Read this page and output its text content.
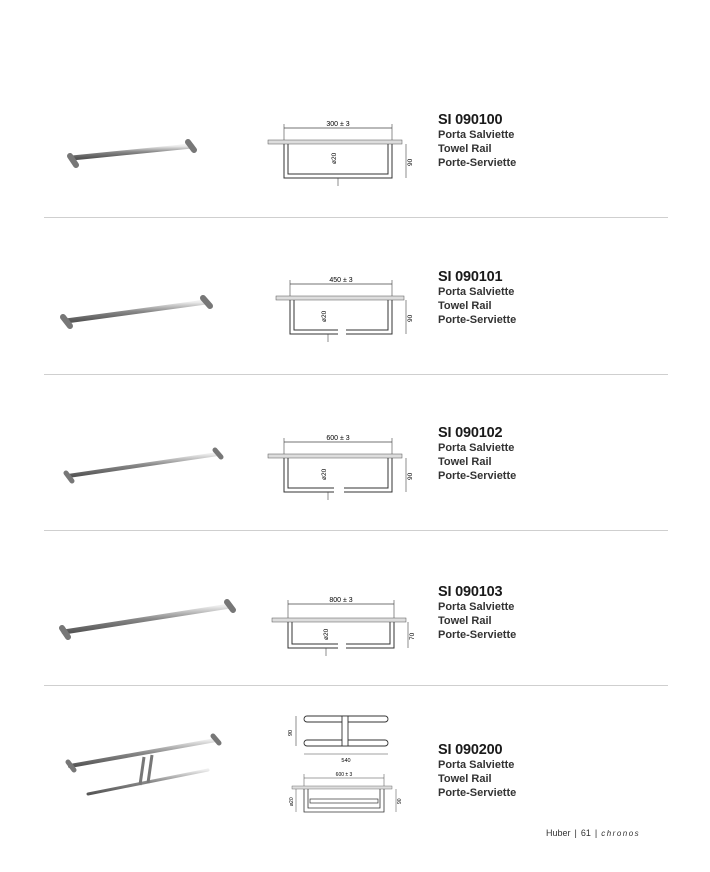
300 ± 3
ø20	90
SI 090100
Porta Salviette
Towel Rail
Porte-Serviette
450 ± 3
ø20	90
SI 090101
Porta Salviette
Towel Rail
Porte-Serviette
600 ± 3
ø20	90
SI 090102
Porta Salviette
Towel Rail
Porte-Serviette
800 ± 3
ø20	70
SI 090103
Porta Salviette
Towel Rail
Porte-Serviette
90
540
600 ± 3
ø20	90
SI 090200
Porta Salviette
Towel Rail
Porte-Serviette
Huber | 61 | chronos
